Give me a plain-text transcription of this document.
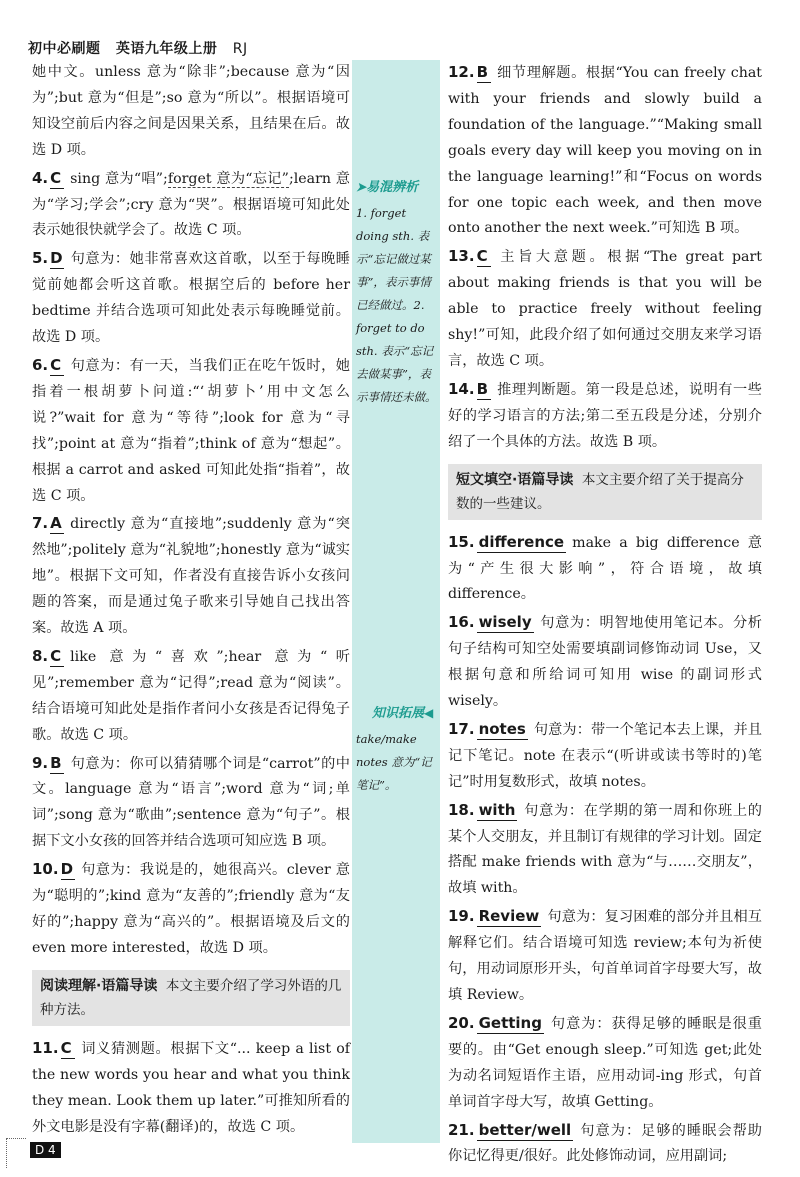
初中必刷题 英语九年级上册 RJ
➤易混辨析
1. forget doing sth. 表示“忘记做过某事”，表示事情已经做过。2. forget to do sth. 表示“忘记去做某事”，表示事情还未做。
知识拓展◀
take/make notes 意为“记笔记”。
她中文。unless 意为“除非”;because 意为“因为”;but 意为“但是”;so 意为“所以”。根据语境可知设空前后内容之间是因果关系，且结果在后。故选 D 项。
4. C sing 意为“唱”;forget 意为“忘记”;learn 意为“学习;学会”;cry 意为“哭”。根据语境可知此处表示她很快就学会了。故选 C 项。
5. D 句意为：她非常喜欢这首歌，以至于每晚睡觉前她都会听这首歌。根据空后的 before her bedtime 并结合选项可知此处表示每晚睡觉前。故选 D 项。
6. C 句意为：有一天，当我们正在吃午饭时，她指着一根胡萝卜问道:“‘胡萝卜’用中文怎么说?”wait for 意为“等待”;look for 意为“寻找”;point at 意为“指着”;think of 意为“想起”。根据 a carrot and asked 可知此处指“指着”，故选 C 项。
7. A directly 意为“直接地”;suddenly 意为“突然地”;politely 意为“礼貌地”;honestly 意为“诚实地”。根据下文可知，作者没有直接告诉小女孩问题的答案，而是通过兔子歌来引导她自己找出答案。故选 A 项。
8. C like 意为“喜欢”;hear 意为“听见”;remember 意为“记得”;read 意为“阅读”。结合语境可知此处是指作者问小女孩是否记得兔子歌。故选 C 项。
9. B 句意为：你可以猜猜哪个词是“carrot”的中文。language 意为“语言”;word 意为“词;单词”;song 意为“歌曲”;sentence 意为“句子”。根据下文小女孩的回答并结合选项可知应选 B 项。
10. D 句意为：我说是的，她很高兴。clever 意为“聪明的”;kind 意为“友善的”;friendly 意为“友好的”;happy 意为“高兴的”。根据语境及后文的 even more interested，故选 D 项。
阅读理解·语篇导读 本文主要介绍了学习外语的几种方法。
11. C 词义猜测题。根据下文“... keep a list of the new words you hear and what you think they mean. Look them up later.”可推知所看的外文电影是没有字幕(翻译)的，故选 C 项。
12. B 细节理解题。根据“You can freely chat with your friends and slowly build a foundation of the language.”“Making small goals every day will keep you moving on in the language learning!”和“Focus on words for one topic each week, and then move onto another the next week.”可知选 B 项。
13. C 主旨大意题。根据“The great part about making friends is that you will be able to practice freely without feeling shy!”可知，此段介绍了如何通过交朋友来学习语言，故选 C 项。
14. B 推理判断题。第一段是总述，说明有一些好的学习语言的方法;第二至五段是分述，分别介绍了一个具体的方法。故选 B 项。
短文填空·语篇导读 本文主要介绍了关于提高分数的一些建议。
15. difference make a big difference 意为“产生很大影响”，符合语境，故填 difference。
16. wisely 句意为：明智地使用笔记本。分析句子结构可知空处需要填副词修饰动词 Use，又根据句意和所给词可知用 wise 的副词形式 wisely。
17. notes 句意为：带一个笔记本去上课，并且记下笔记。note 在表示“(听讲或读书等时的)笔记”时用复数形式，故填 notes。
18. with 句意为：在学期的第一周和你班上的某个人交朋友，并且制订有规律的学习计划。固定搭配 make friends with 意为“与……交朋友”，故填 with。
19. Review 句意为：复习困难的部分并且相互解释它们。结合语境可知选 review;本句为祈使句，用动词原形开头，句首单词首字母要大写，故填 Review。
20. Getting 句意为：获得足够的睡眠是很重要的。由“Get enough sleep.”可知选 get;此处为动名词短语作主语，应用动词-ing 形式，句首单词首字母大写，故填 Getting。
21. better/well 句意为：足够的睡眠会帮助你记忆得更/很好。此处修饰动词，应用副词;
D 4
